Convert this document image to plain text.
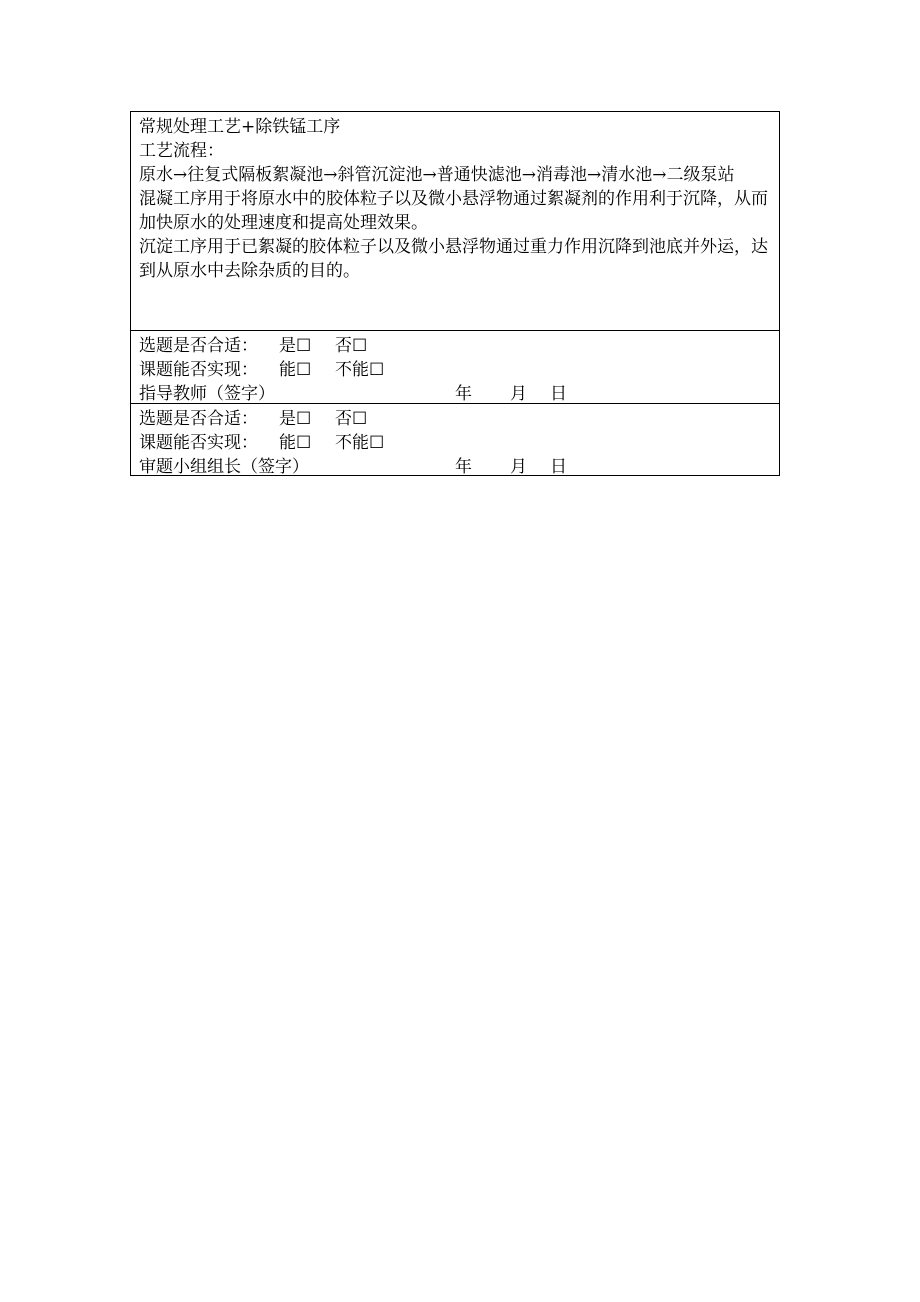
常规处理工艺+除铁锰工序
工艺流程：
原水→往复式隔板絮凝池→斜管沉淀池→普通快滤池→消毒池→清水池→二级泵站
混凝工序用于将原水中的胶体粒子以及微小悬浮物通过絮凝剂的作用利于沉降，从而加快原水的处理速度和提高处理效果。
沉淀工序用于已絮凝的胶体粒子以及微小悬浮物通过重力作用沉降到池底并外运，达到从原水中去除杂质的目的。
选题是否合适：	是☐	否☐
课题能否实现：	能☐	不能☐
指导教师（签字）	年	月	日
选题是否合适：	是☐	否☐
课题能否实现：	能☐	不能☐
审题小组组长（签字）	年	月	日
